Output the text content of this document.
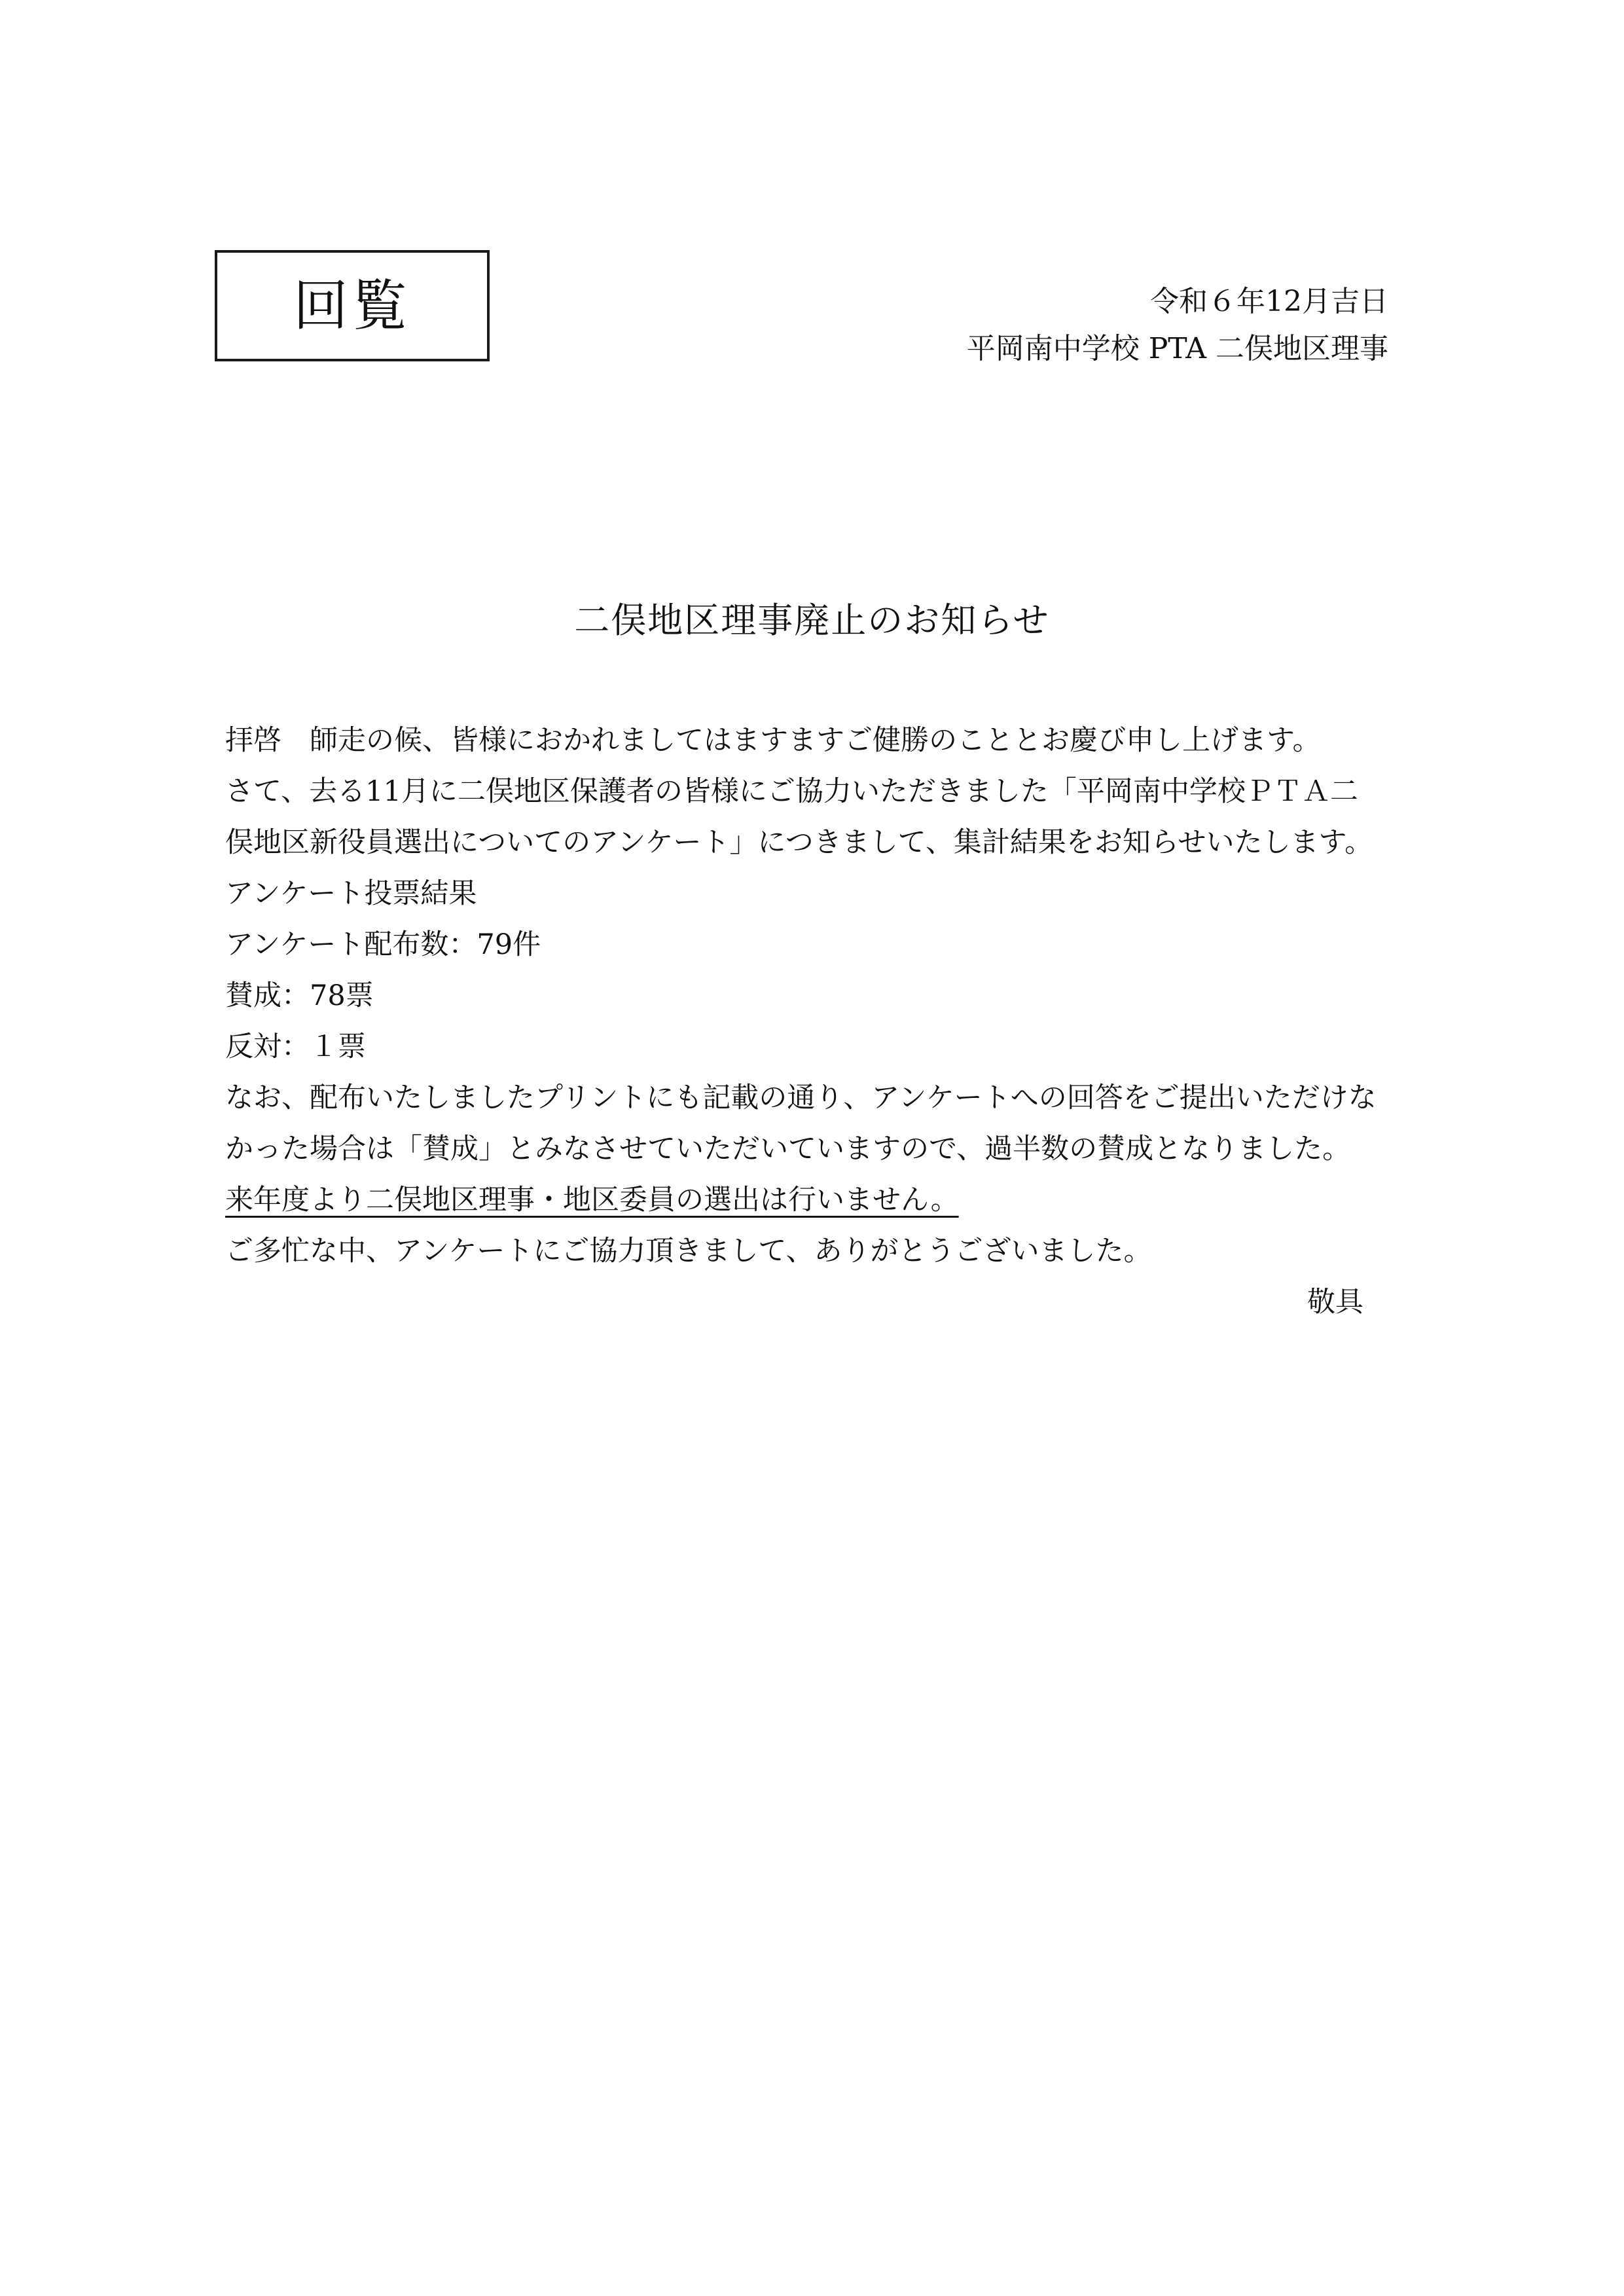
回覧	令和６年12月吉日
平岡南中学校 PTA 二俣地区理事
二俣地区理事廃止のお知らせ

拝啓　師走の候、皆様におかれましてはますますご健勝のこととお慶び申し上げます。

さて、去る11月に二俣地区保護者の皆様にご協力いただきました「平岡南中学校ＰＴＡ二

俣地区新役員選出についてのアンケート」につきまして、集計結果をお知らせいたします。

アンケート投票結果

アンケート配布数：79件

賛成：78票

反対：１票

なお、配布いたしましたプリントにも記載の通り、アンケートへの回答をご提出いただけな

かった場合は「賛成」とみなさせていただいていますので、過半数の賛成となりました。

来年度より二俣地区理事・地区委員の選出は行いません。

ご多忙な中、アンケートにご協力頂きまして、ありがとうございました。

敬具
